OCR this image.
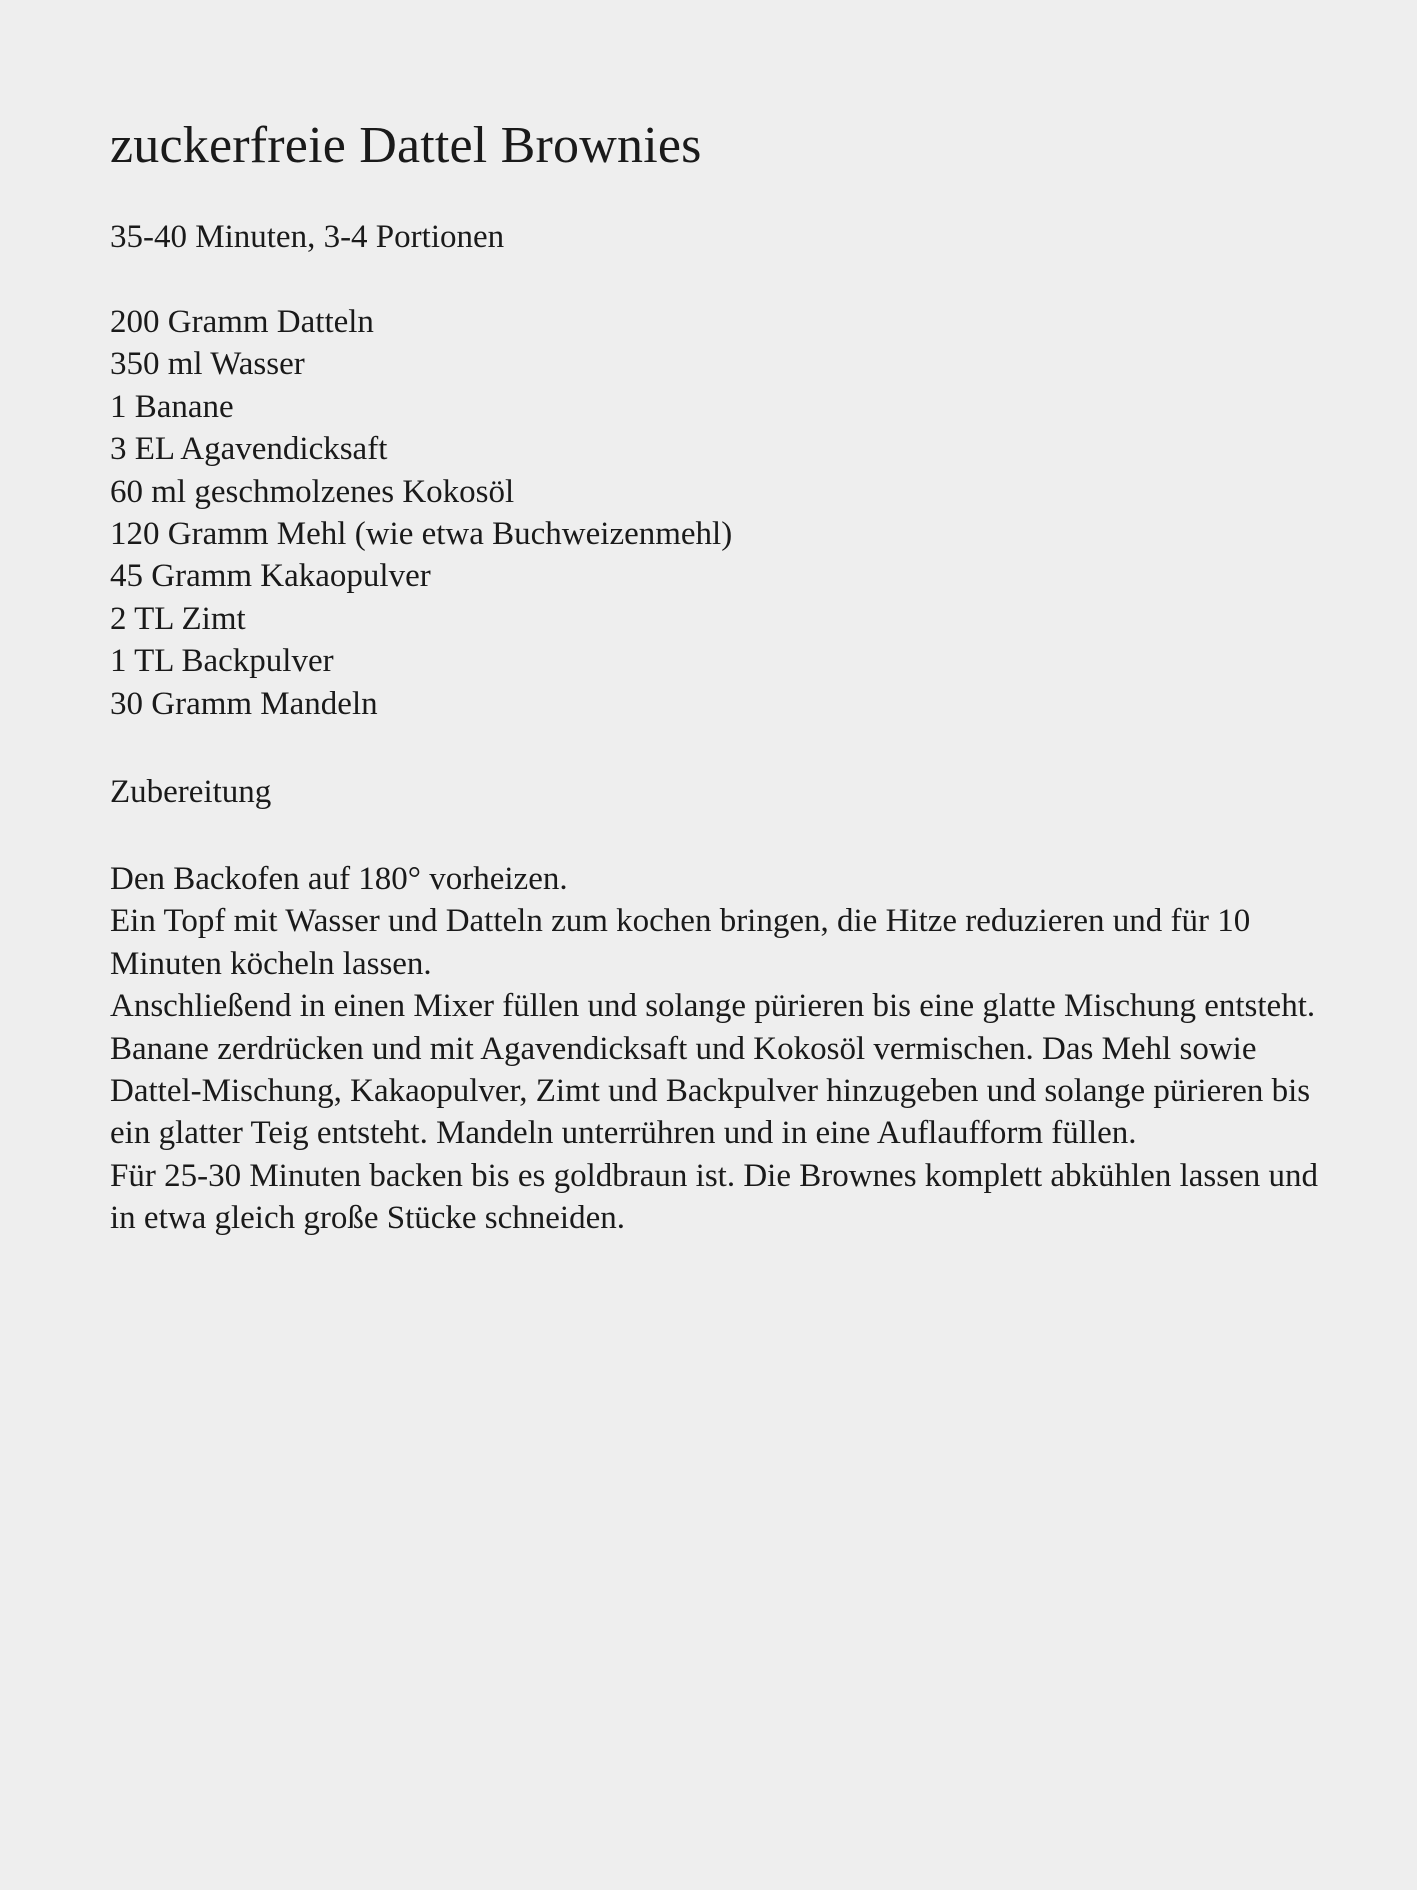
zuckerfreie Dattel Brownies

35-40 Minuten, 3-4 Portionen

200 Gramm Datteln
350 ml Wasser
1 Banane
3 EL Agavendicksaft
60 ml geschmolzenes Kokosöl
120 Gramm Mehl (wie etwa Buchweizenmehl)
45 Gramm Kakaopulver
2 TL Zimt
1 TL Backpulver
30 Gramm Mandeln
Zubereitung

Den Backofen auf 180° vorheizen.

Ein Topf mit Wasser und Datteln zum kochen bringen, die Hitze reduzieren und für 10 Minuten köcheln lassen.

Anschließend in einen Mixer füllen und solange pürieren bis eine glatte Mischung entsteht.

Banane zerdrücken und mit Agavendicksaft und Kokosöl vermischen. Das Mehl sowie Dattel-Mischung, Kakaopulver, Zimt und Backpulver hinzugeben und solange pürieren bis ein glatter Teig entsteht. Mandeln unterrühren und in eine Auflaufform füllen.

Für 25-30 Minuten backen bis es goldbraun ist. Die Brownes komplett abkühlen lassen und in etwa gleich große Stücke schneiden.
